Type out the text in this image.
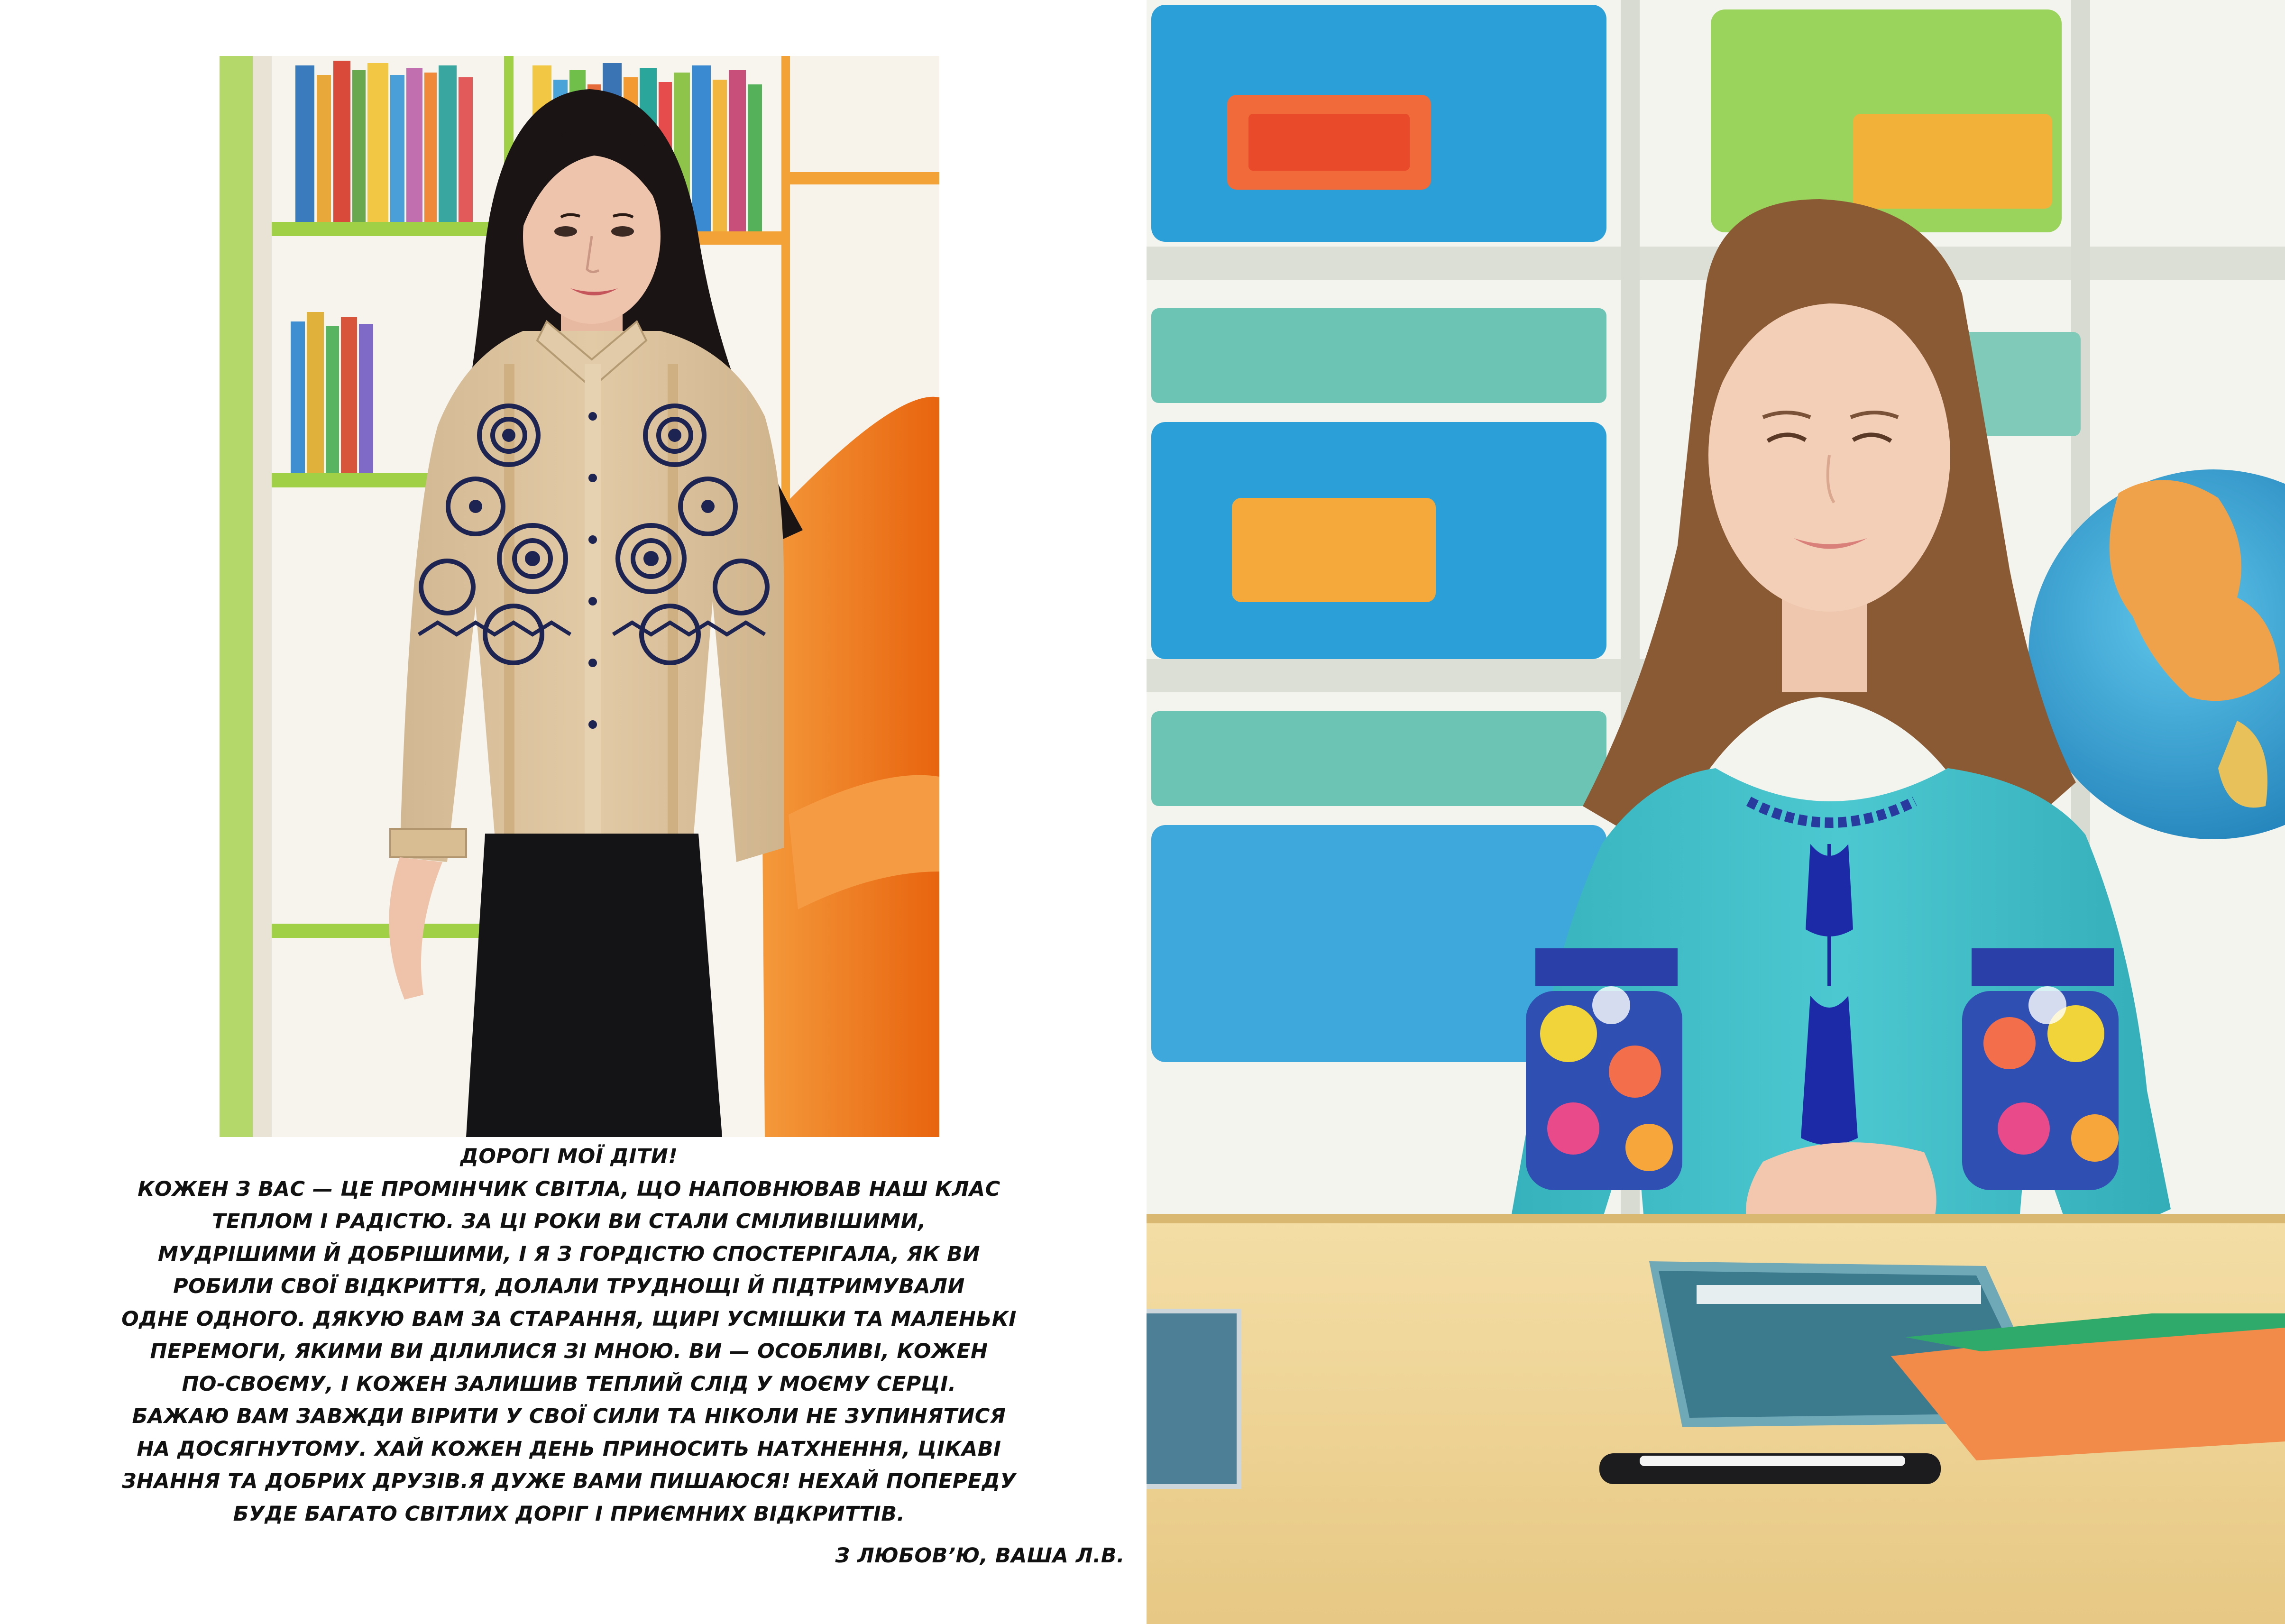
ДОРОГІ МОЇ ДІТИ!
КОЖЕН З ВАС — ЦЕ ПРОМІНЧИК СВІТЛА, ЩО НАПОВНЮВАВ НАШ КЛАС
ТЕПЛОМ І РАДІСТЮ. ЗА ЦІ РОКИ ВИ СТАЛИ СМІЛИВІШИМИ,
МУДРІШИМИ Й ДОБРІШИМИ, І Я З ГОРДІСТЮ СПОСТЕРІГАЛА, ЯК ВИ
РОБИЛИ СВОЇ ВІДКРИТТЯ, ДОЛАЛИ ТРУДНОЩІ Й ПІДТРИМУВАЛИ
ОДНЕ ОДНОГО. ДЯКУЮ ВАМ ЗА СТАРАННЯ, ЩИРІ УСМІШКИ ТА МАЛЕНЬКІ
ПЕРЕМОГИ, ЯКИМИ ВИ ДІЛИЛИСЯ ЗІ МНОЮ. ВИ — ОСОБЛИВІ, КОЖЕН
ПО-СВОЄМУ, І КОЖЕН ЗАЛИШИВ ТЕПЛИЙ СЛІД У МОЄМУ СЕРЦІ.
БАЖАЮ ВАМ ЗАВЖДИ ВІРИТИ У СВОЇ СИЛИ ТА НІКОЛИ НЕ ЗУПИНЯТИСЯ
НА ДОСЯГНУТОМУ. ХАЙ КОЖЕН ДЕНЬ ПРИНОСИТЬ НАТХНЕННЯ, ЦІКАВІ
ЗНАННЯ ТА ДОБРИХ ДРУЗІВ.Я ДУЖЕ ВАМИ ПИШАЮСЯ! НЕХАЙ ПОПЕРЕДУ
БУДЕ БАГАТО СВІТЛИХ ДОРІГ І ПРИЄМНИХ ВІДКРИТТІВ.
З ЛЮБОВ’Ю, ВАША Л.В.
